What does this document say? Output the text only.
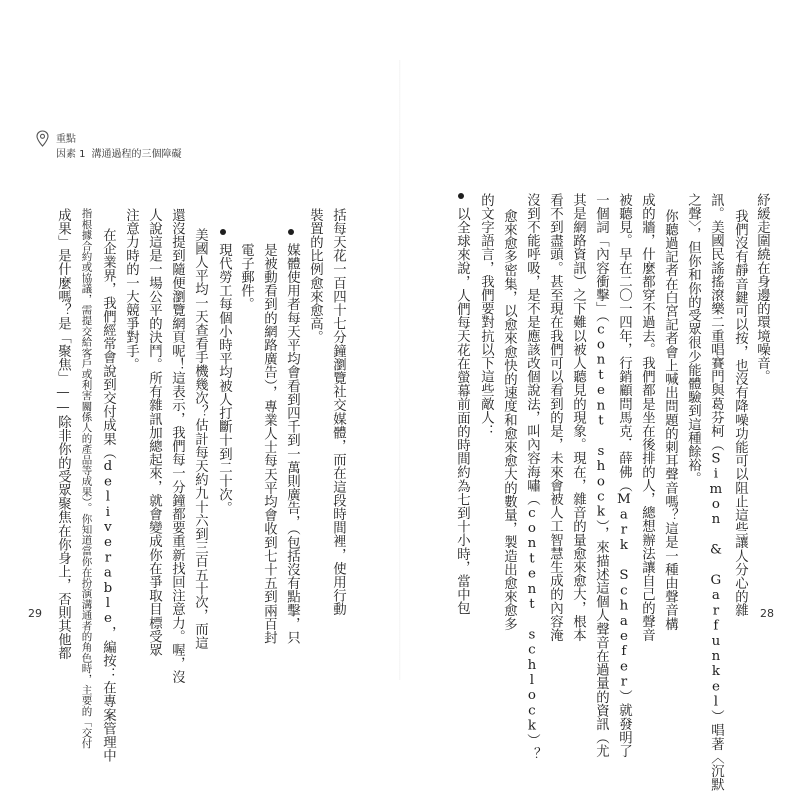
紓緩走圍繞在身邊的環境噪音。
我們沒有靜音鍵可以按，也沒有降噪功能可以阻止這些讓人分心的雜
訊。美國民謠搖滾樂二重唱賽門與葛芬柯（Simon & Garfunkel）唱著〈沉默
之聲〉，但你和你的受眾很少能體驗到這種餘裕。
你聽過記者在白宮記者會上喊出問題的刺耳聲音嗎？這是一種由聲音構
成的牆，什麼都穿不過去。我們都是坐在後排的人，總想辦法讓自己的聲音
被聽見。早在二〇一四年，行銷顧問馬克．薛佛（Mark Schaefer）就發明了
一個詞「內容衝擊」（content shock），來描述這個人聲音在過量的資訊（尤
其是網路資訊）之下難以被人聽見的現象。現在，雜音的量愈來愈大，根本
看不到盡頭。甚至現在我們可以看到的是，未來會被人工智慧生成的內容淹
沒到不能呼吸，是不是應該改個說法，叫內容海嘯（content schlock）？
愈來愈多密集，以愈來愈快的速度和愈來愈大的數量，製造出愈來愈多
的文字語言，我們要對抗以下這些敵人：
以全球來說，人們每天花在螢幕前面的時間約為七到十小時，當中包	28
重點
因素 1 溝通過程的三個障礙
括每天花一百四十七分鐘瀏覽社交媒體，而在這段時間裡，使用行動
裝置的比例愈來愈高。
媒體使用者每天平均會看到四千到一萬則廣告，（包括沒有點擊，只
是被動看到的網路廣告），專業人士每天平均會收到七十五到兩百封
電子郵件。
現代勞工每個小時平均被人打斷十到二十次。
美國人平均一天查看手機幾次？估計每天約九十六到三百五十次，而這
還沒提到隨便瀏覽網頁呢！這表示，我們每一分鐘都要重新找回注意力。喔，沒
人說這是一場公平的決鬥。所有雜訊加總起來，就會變成你在爭取目標受眾
注意力時的一大競爭對手。
在企業界，我們經常會說到交付成果（deliverable，編按：在專案管理中
指根據合約或協議，需提交給客戶或利害關係人的產品等成果）。你知道當你在扮演溝通者的角色時，主要的「交付
成果」是什麼嗎？是「聚焦」——除非你的受眾聚焦在你身上，否則其他都
29
